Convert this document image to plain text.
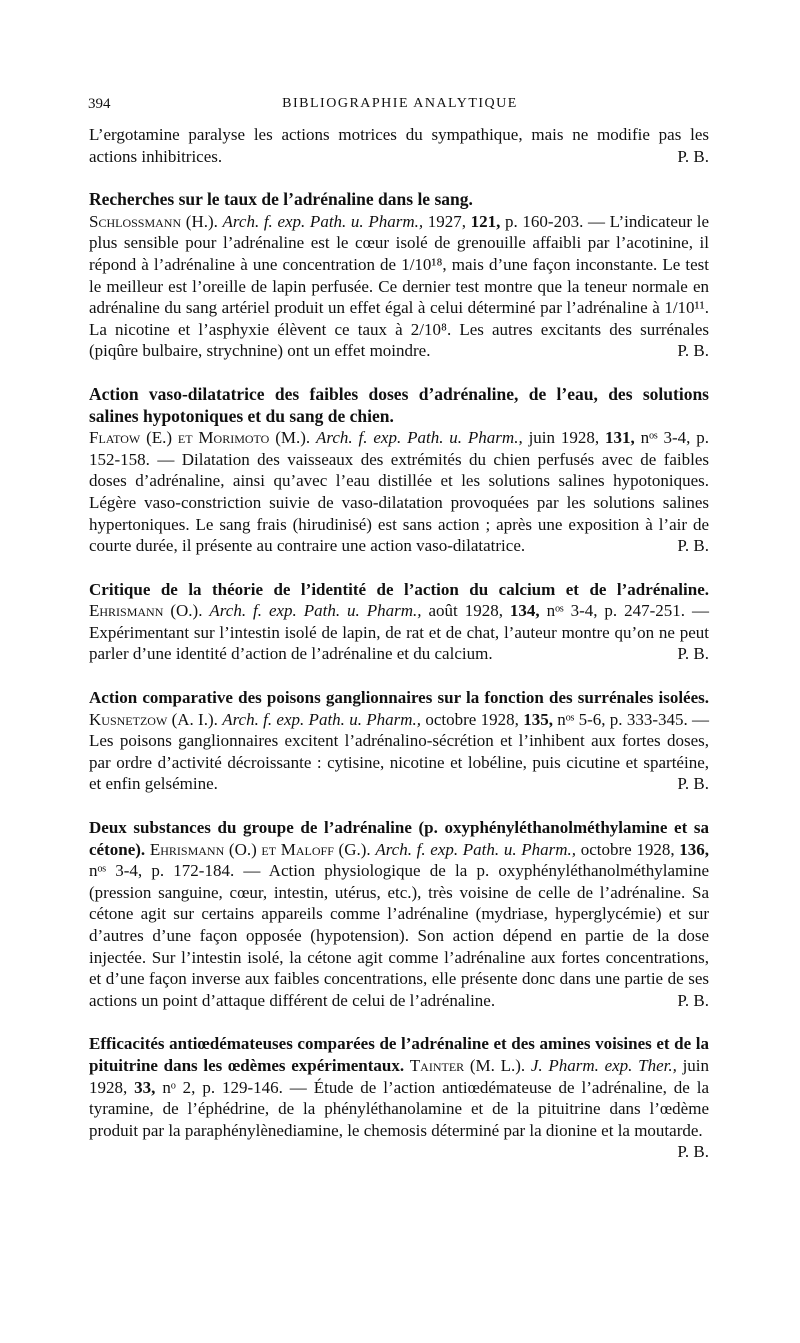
394	BIBLIOGRAPHIE ANALYTIQUE

L’ergotamine paralyse les actions motrices du sympathique, mais ne modifie pas les actions inhibitrices.	P. B.

Recherches sur le taux de l’adrénaline dans le sang.

Schlossmann (H.). Arch. f. exp. Path. u. Pharm., 1927, 121, p. 160-203. — L’indicateur le plus sensible pour l’adrénaline est le cœur isolé de grenouille affaibli par l’acotinine, il répond à l’adrénaline à une concentration de 1/10¹⁸, mais d’une façon inconstante. Le test le meilleur est l’oreille de lapin perfusée. Ce dernier test montre que la teneur normale en adrénaline du sang artériel produit un effet égal à celui déterminé par l’adrénaline à 1/10¹¹. La nicotine et l’asphyxie élèvent ce taux à 2/10⁸. Les autres excitants des surrénales (piqûre bulbaire, strychnine) ont un effet moindre.	P. B.

Action vaso-dilatatrice des faibles doses d’adrénaline, de l’eau, des solutions salines hypotoniques et du sang de chien.

Flatow (E.) et Morimoto (M.). Arch. f. exp. Path. u. Pharm., juin 1928, 131, nᵒˢ 3-4, p. 152-158. — Dilatation des vaisseaux des extrémités du chien perfusés avec de faibles doses d’adrénaline, ainsi qu’avec l’eau distillée et les solutions salines hypotoniques. Légère vaso-constriction suivie de vaso-dilatation provoquées par les solutions salines hypertoniques. Le sang frais (hirudinisé) est sans action ; après une exposition à l’air de courte durée, il présente au contraire une action vaso-dilatatrice.	P. B.

Critique de la théorie de l’identité de l’action du calcium et de l’adrénaline. Ehrismann (O.). Arch. f. exp. Path. u. Pharm., août 1928, 134, nᵒˢ 3-4, p. 247-251. — Expérimentant sur l’intestin isolé de lapin, de rat et de chat, l’auteur montre qu’on ne peut parler d’une identité d’action de l’adrénaline et du calcium.	P. B.

Action comparative des poisons ganglionnaires sur la fonction des surrénales isolées. Kusnetzow (A. I.). Arch. f. exp. Path. u. Pharm., octobre 1928, 135, nᵒˢ 5-6, p. 333-345. — Les poisons ganglionnaires excitent l’adrénalino-sécrétion et l’inhibent aux fortes doses, par ordre d’activité décroissante : cytisine, nicotine et lobéline, puis cicutine et spartéine, et enfin gelsémine.	P. B.

Deux substances du groupe de l’adrénaline (p. oxyphényléthanolméthylamine et sa cétone). Ehrismann (O.) et Maloff (G.). Arch. f. exp. Path. u. Pharm., octobre 1928, 136, nᵒˢ 3-4, p. 172-184. — Action physiologique de la p. oxyphényléthanolméthylamine (pression sanguine, cœur, intestin, utérus, etc.), très voisine de celle de l’adrénaline. Sa cétone agit sur certains appareils comme l’adrénaline (mydriase, hyperglycémie) et sur d’autres d’une façon opposée (hypotension). Son action dépend en partie de la dose injectée. Sur l’intestin isolé, la cétone agit comme l’adrénaline aux fortes concentrations, et d’une façon inverse aux faibles concentrations, elle présente donc dans une partie de ses actions un point d’attaque différent de celui de l’adrénaline.	P. B.

Efficacités antiœdémateuses comparées de l’adrénaline et des amines voisines et de la pituitrine dans les œdèmes expérimentaux. Tainter (M. L.). J. Pharm. exp. Ther., juin 1928, 33, nᵒ 2, p. 129-146. — Étude de l’action antiœdémateuse de l’adrénaline, de la tyramine, de l’éphédrine, de la phényléthanolamine et de la pituitrine dans l’œdème produit par la paraphénylènediamine, le chemosis déterminé par la dionine et la moutarde.
P. B.
